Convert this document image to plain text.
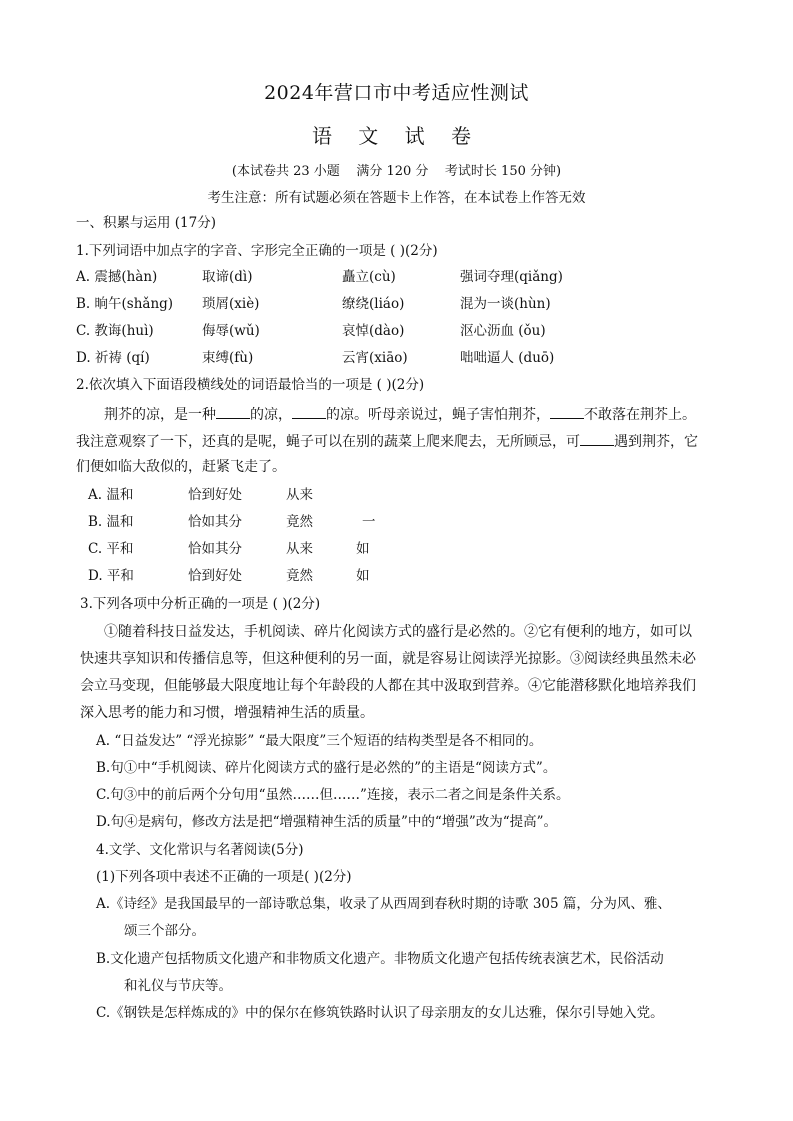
2024年营口市中考适应性测试
语 文 试 卷
(本试卷共 23 小题    满分 120 分    考试时长 150 分钟)
考生注意：所有试题必须在答题卡上作答，在本试卷上作答无效
一、积累与运用 (17分)
1.下列词语中加点字的字音、字形完全正确的一项是 ( )(2分)
A. 震撼(hàn)	取谛(dì)	矗立(cù)	强词夺理(qiǎng)
B. 晌午(shǎng) 琐屑(xiè)	缭绕(liáo)	混为一谈(hùn)
C. 教诲(huì)	侮辱(wǔ)	哀悼(dào)	沤心沥血 (ǒu)
D. 祈祷 (qí)	束缚(fù)	云宵(xiāo)	咄咄逼人 (duō)
2.依次填入下面语段横线处的词语最恰当的一项是 ( )(2分)
荆芥的凉，是一种 的凉， 的凉。听母亲说过，蝇子害怕荆芥， 不敢落在荆芥上。
我注意观察了一下，还真的是呢，蝇子可以在别的蔬菜上爬来爬去，无所顾忌，可 遇到荆芥，它
们便如临大敌似的，赶紧飞走了。
A. 温和	恰到好处	从来
B. 温和	恰如其分	竟然	一
C. 平和	恰如其分	从来	如
D. 平和	恰到好处	竟然	如
3.下列各项中分析正确的一项是 ( )(2分)
①随着科技日益发达，手机阅读、碎片化阅读方式的盛行是必然的。②它有便利的地方，如可以
快速共享知识和传播信息等，但这种便利的另一面，就是容易让阅读浮光掠影。③阅读经典虽然未必
会立马变现，但能够最大限度地让每个年龄段的人都在其中汲取到营养。④它能潜移默化地培养我们
深入思考的能力和习惯，增强精神生活的质量。
A. “日益发达” “浮光掠影” “最大限度”三个短语的结构类型是各不相同的。
B.句①中“手机阅读、碎片化阅读方式的盛行是必然的”的主语是“阅读方式”。
C.句③中的前后两个分句用“虽然……但……”连接，表示二者之间是条件关系。
D.句④是病句，修改方法是把“增强精神生活的质量”中的“增强”改为“提高”。
4.文学、文化常识与名著阅读(5分)
(1)下列各项中表述不正确的一项是( )(2分)
A.《诗经》是我国最早的一部诗歌总集，收录了从西周到春秋时期的诗歌 305 篇，分为风、雅、
颂三个部分。
B.文化遗产包括物质文化遗产和非物质文化遗产。非物质文化遗产包括传统表演艺术，民俗活动
和礼仪与节庆等。
C.《钢铁是怎样炼成的》中的保尔在修筑铁路时认识了母亲朋友的女儿达雅，保尔引导她入党。
